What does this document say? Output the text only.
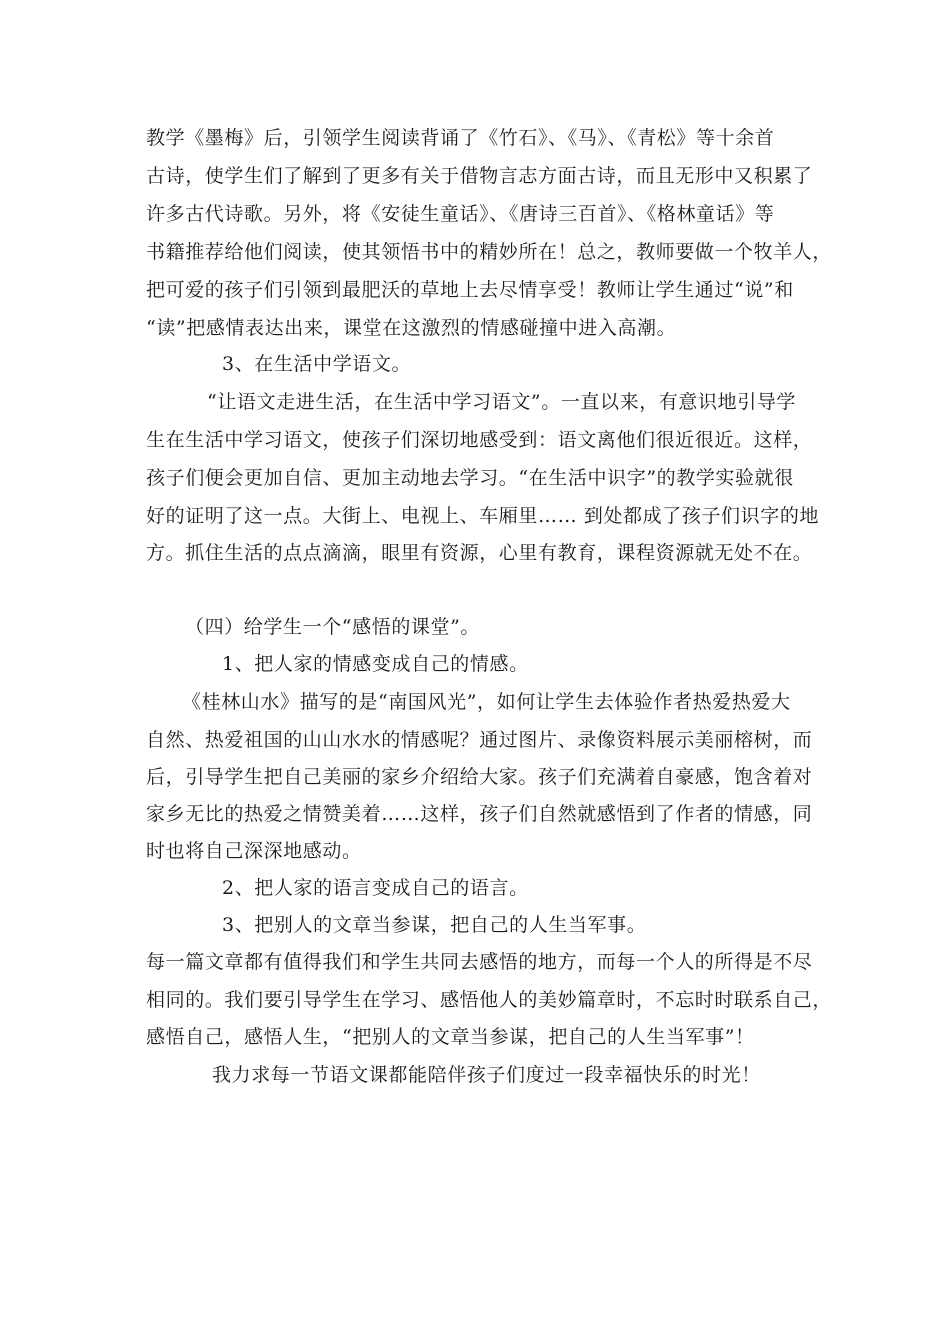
教学《墨梅》后，引领学生阅读背诵了《竹石》、《马》、《青松》等十余首
古诗，使学生们了解到了更多有关于借物言志方面古诗，而且无形中又积累了
许多古代诗歌。另外，将《安徒生童话》、《唐诗三百首》、《格林童话》等
书籍推荐给他们阅读，使其领悟书中的精妙所在！总之，教师要做一个牧羊人，
把可爱的孩子们引领到最肥沃的草地上去尽情享受！教师让学生通过“说”和
“读”把感情表达出来，课堂在这激烈的情感碰撞中进入高潮。
3、在生活中学语文。
“让语文走进生活，在生活中学习语文”。一直以来，有意识地引导学
生在生活中学习语文，使孩子们深切地感受到：语文离他们很近很近。这样，
孩子们便会更加自信、更加主动地去学习。“在生活中识字”的教学实验就很
好的证明了这一点。大街上、电视上、车厢里…… 到处都成了孩子们识字的地
方。抓住生活的点点滴滴，眼里有资源，心里有教育，课程资源就无处不在。
（四）给学生一个“感悟的课堂”。
1、把人家的情感变成自己的情感。
《桂林山水》描写的是“南国风光”，如何让学生去体验作者热爱热爱大
自然、热爱祖国的山山水水的情感呢？通过图片、录像资料展示美丽榕树，而
后，引导学生把自己美丽的家乡介绍给大家。孩子们充满着自豪感，饱含着对
家乡无比的热爱之情赞美着……这样，孩子们自然就感悟到了作者的情感，同
时也将自己深深地感动。
2、把人家的语言变成自己的语言。
3、把别人的文章当参谋，把自己的人生当军事。
每一篇文章都有值得我们和学生共同去感悟的地方，而每一个人的所得是不尽
相同的。我们要引导学生在学习、感悟他人的美妙篇章时，不忘时时联系自己，
感悟自己，感悟人生，“把别人的文章当参谋，把自己的人生当军事”！
我力求每一节语文课都能陪伴孩子们度过一段幸福快乐的时光！
